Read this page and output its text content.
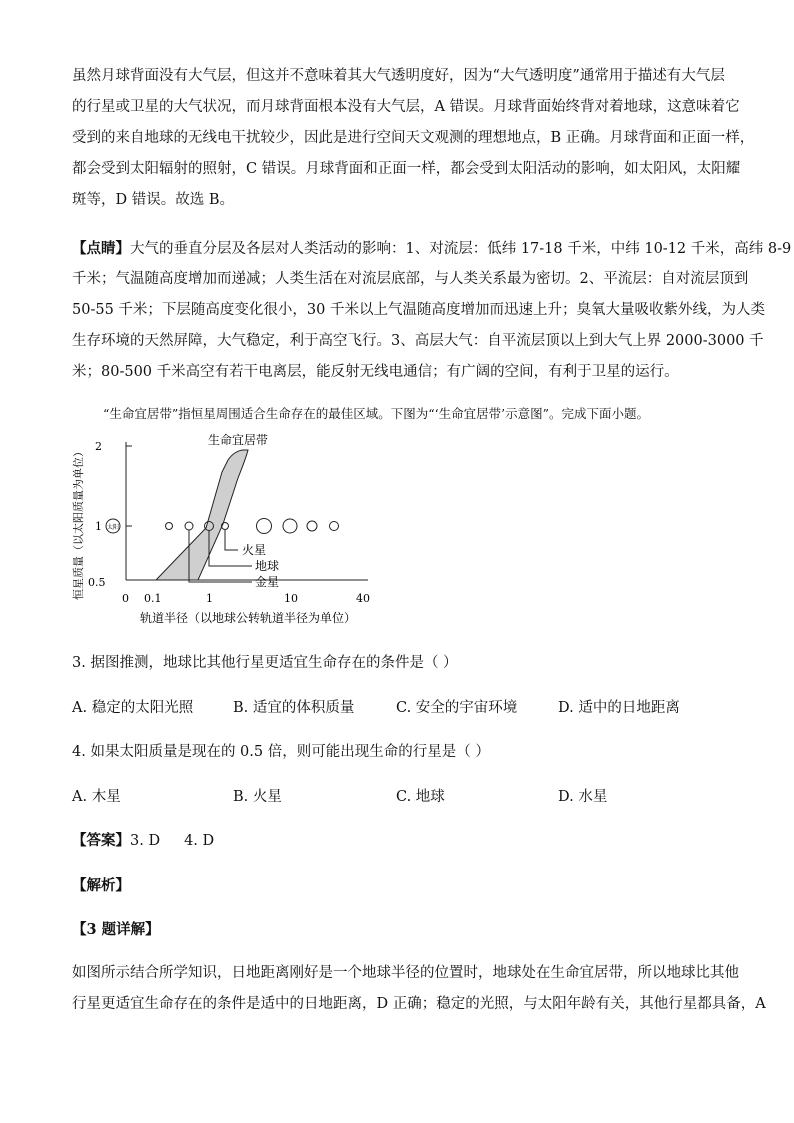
虽然月球背面没有大气层，但这并不意味着其大气透明度好，因为“大气透明度”通常用于描述有大气层
的行星或卫星的大气状况，而月球背面根本没有大气层，A 错误。月球背面始终背对着地球，这意味着它
受到的来自地球的无线电干扰较少，因此是进行空间天文观测的理想地点，B 正确。月球背面和正面一样，
都会受到太阳辐射的照射，C 错误。月球背面和正面一样，都会受到太阳活动的影响，如太阳风，太阳耀
斑等，D 错误。故选 B。
【点睛】大气的垂直分层及各层对人类活动的影响：1、对流层：低纬 17-18 千米，中纬 10-12 千米，高纬 8-9
千米；气温随高度增加而递减；人类生活在对流层底部，与人类关系最为密切。2、平流层：自对流层顶到
50-55 千米；下层随高度变化很小，30 千米以上气温随高度增加而迅速上升；臭氧大量吸收紫外线，为人类
生存环境的天然屏障，大气稳定，利于高空飞行。3、高层大气：自平流层顶以上到大气上界 2000-3000 千
米；80-500 千米高空有若干电离层，能反射无线电通信；有广阔的空间，有利于卫星的运行。
“生命宜居带”指恒星周围适合生命存在的最佳区域。下图为“‘生命宜居带’示意图”。完成下面小题。
恒星质量（以太阳质量为单位） 2
1
0.5
0 0.1	1	10	40
轨道半径（以地球公转轨道半径为单位）
生命宜居带
太阳
火星
地球
金星
3. 据图推测，地球比其他行星更适宜生命存在的条件是（ ）
A. 稳定的太阳光照	B. 适宜的体积质量	C. 安全的宇宙环境	D. 适中的日地距离
4. 如果太阳质量是现在的 0.5 倍，则可能出现生命的行星是（ ）
A. 木星	B. 火星	C. 地球	D. 水星
【答案】3. D 4. D
【解析】
【3 题详解】
如图所示结合所学知识，日地距离刚好是一个地球半径的位置时，地球处在生命宜居带，所以地球比其他
行星更适宜生命存在的条件是适中的日地距离，D 正确；稳定的光照，与太阳年龄有关，其他行星都具备，A
